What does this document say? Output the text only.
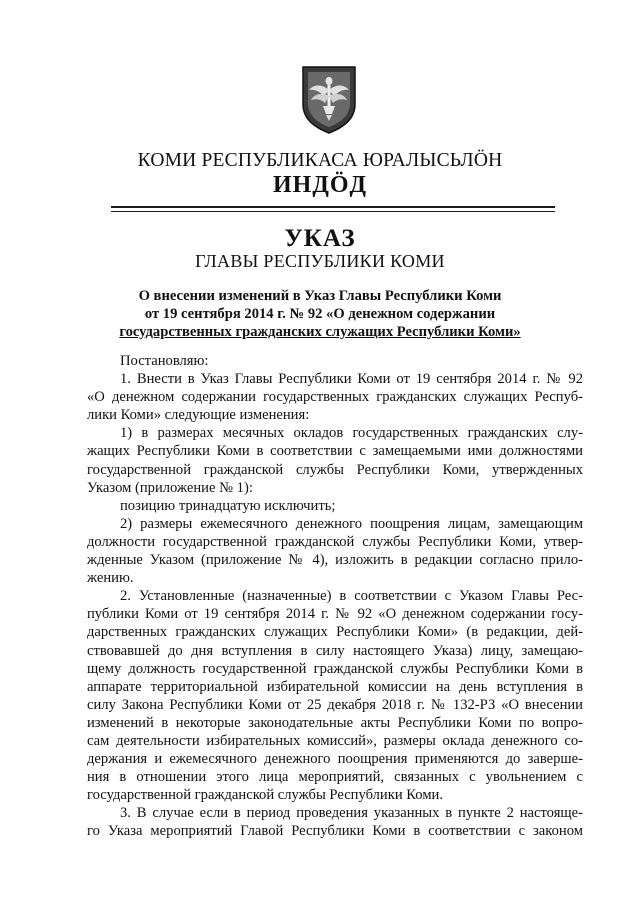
КОМИ РЕСПУБЛИКАСА ЮРАЛЫСЬЛÖН
ИНДÖД
УКАЗ
ГЛАВЫ РЕСПУБЛИКИ КОМИ
О внесении изменений в Указ Главы Республики Коми
от 19 сентября 2014 г. № 92 «О денежном содержании
государственных гражданских служащих Республики Коми»
Постановляю:
1. Внести в Указ Главы Республики Коми от 19 сентября 2014 г. № 92
«О денежном содержании государственных гражданских служащих Респуб-
лики Коми» следующие изменения:
1) в размерах месячных окладов государственных гражданских слу-
жащих Республики Коми в соответствии с замещаемыми ими должностями
государственной гражданской службы Республики Коми, утвержденных
Указом (приложение № 1):
позицию тринадцатую исключить;
2) размеры ежемесячного денежного поощрения лицам, замещающим
должности государственной гражданской службы Республики Коми, утвер-
жденные Указом (приложение № 4), изложить в редакции согласно прило-
жению.
2. Установленные (назначенные) в соответствии с Указом Главы Рес-
публики Коми от 19 сентября 2014 г. № 92 «О денежном содержании госу-
дарственных гражданских служащих Республики Коми» (в редакции, дей-
ствовавшей до дня вступления в силу настоящего Указа) лицу, замещаю-
щему должность государственной гражданской службы Республики Коми в
аппарате территориальной избирательной комиссии на день вступления в
силу Закона Республики Коми от 25 декабря 2018 г. № 132-РЗ «О внесении
изменений в некоторые законодательные акты Республики Коми по вопро-
сам деятельности избирательных комиссий», размеры оклада денежного со-
держания и ежемесячного денежного поощрения применяются до заверше-
ния в отношении этого лица мероприятий, связанных с увольнением с
государственной гражданской службы Республики Коми.
3. В случае если в период проведения указанных в пункте 2 настояще-
го Указа мероприятий Главой Республики Коми в соответствии с законом
